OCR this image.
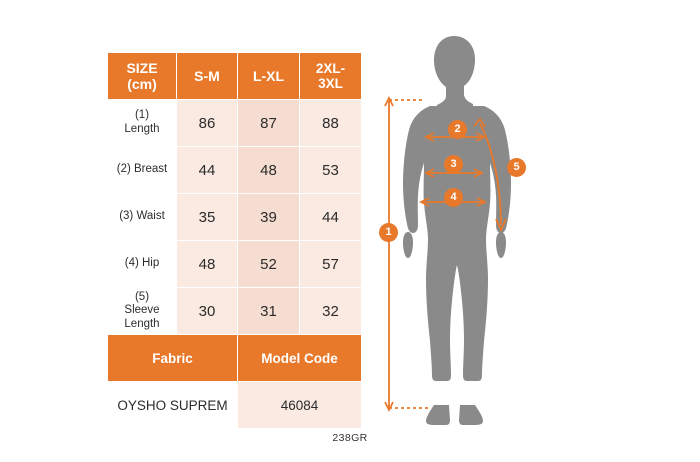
SIZE
(cm)	S-M	L-XL	2XL-
3XL

(1)
Length	86	87	88
(2) Breast	44	48	53
(3) Waist	35	39	44
(4) Hip	48	52	57

(5)
Sleeve
Length	30	31	32
Fabric		Model Code	
OYSHO SUPREM		46084	
1
2
3
4
5
238GR
